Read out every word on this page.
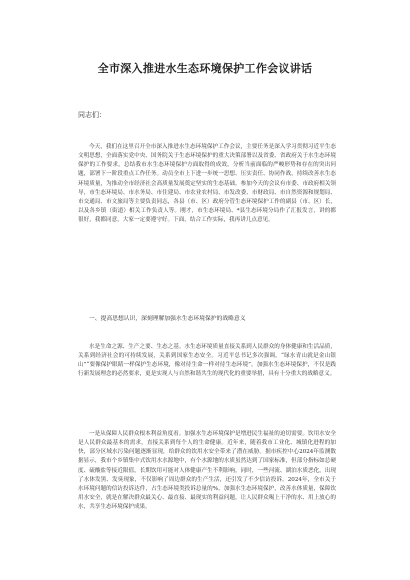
全市深入推进水生态环境保护工作会议讲话
同志们：

今天，我们在这里召开全市深入推进水生态环境保护工作会议，主要任务是深入学习贯彻习近平生态文明思想，全面落实党中央、国务院关于生态环境保护的重大决策部署以及省委、省政府关于水生态环境保护的工作要求，总结我市水生态环境保护方面取得的成效，分析当前面临的严峻形势和存在的突出问题，部署下一阶段重点工作任务。动员全市上下进一步统一思想、压实责任、协同作战，持续改善水生态环境质量，为推动全市经济社会高质量发展奠定坚实的生态基础。参加今天的会议有市委、市政府相关领导，市生态环境局、市水务局、市住建局、市农业农村局、市发改委、市财政局、市自然资源和规划局、市交通局、市文旅局等主要负责同志，各县（市、区）政府分管生态环境保护工作的副县（市、区）长，以及各乡镇（街道）相关工作负责人等。刚才，市生态环境局、*县生态环境分局作了汇报发言，讲的都很好，我都同意，大家一定要遵守好。下面，结合工作实际，我再讲几点意见。

一、提高思想认识，深刻理解加强水生态环境保护的战略意义

水是生命之源、生产之要、生态之基。水生态环境质量直接关系到人民群众的身体健康和生活品质，关系到经济社会的可持续发展，关系到国家生态安全。习近平总书记多次强调，“绿水青山就是金山银山”“要像保护眼睛一样保护生态环境，像对待生命一样对待生态环境”。加强水生态环境保护，不仅是践行新发展理念的必然要求，更是实现人与自然和谐共生的现代化的重要举措，具有十分重大的战略意义。

一是从保障人民群众根本利益角度看。加强水生态环境保护是增进民生福祉的迫切需要。饮用水安全是人民群众最基本的需求，直接关系到每个人的生命健康。近年来，随着我市工业化、城镇化进程的加快，部分区域水污染问题逐渐显现，给群众的饮用水安全带来了潜在威胁。据市疾控中心2024年监测数据显示，我市个乡镇集中式饮用水水源地中，有个水源地的水质虽然达到了国家标准，但部分指标如总硬度、硫酸盐等接近限值，长期饮用可能对人体健康产生不利影响。同时，一些河流、湖泊水质恶化，出现了水体发黑、发臭现象，不仅影响了周边群众的生产生活，还引发了不少信访投诉。2024年，全市关于水环境问题的信访投诉达件，占生态环境类投诉总量的%。加强水生态环境保护，改善水体质量，保障饮用水安全，就是在解决群众最关心、最直接、最现实的利益问题，让人民群众喝上干净的水、用上放心的水，共享生态环境保护成果。
